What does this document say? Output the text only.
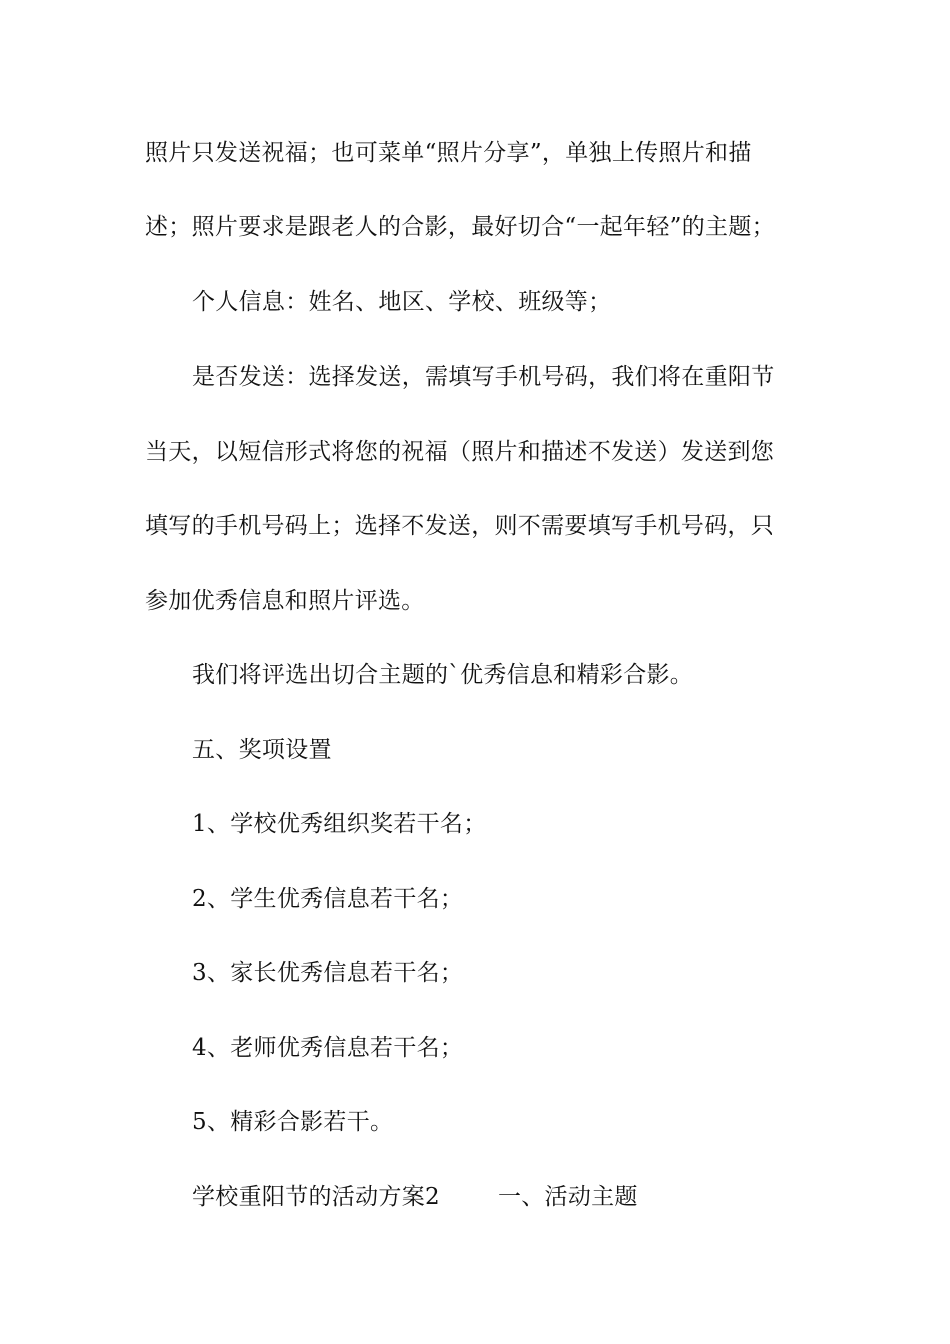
照片只发送祝福；也可菜单“照片分享”，单独上传照片和描
述；照片要求是跟老人的合影，最好切合“一起年轻”的主题；
个人信息：姓名、地区、学校、班级等；
是否发送：选择发送，需填写手机号码，我们将在重阳节
当天，以短信形式将您的祝福（照片和描述不发送）发送到您
填写的手机号码上；选择不发送，则不需要填写手机号码，只
参加优秀信息和照片评选。
我们将评选出切合主题的`优秀信息和精彩合影。
五、奖项设置
1、学校优秀组织奖若干名；
2、学生优秀信息若干名；
3、家长优秀信息若干名；
4、老师优秀信息若干名；
5、精彩合影若干。
学校重阳节的活动方案2	一、活动主题
